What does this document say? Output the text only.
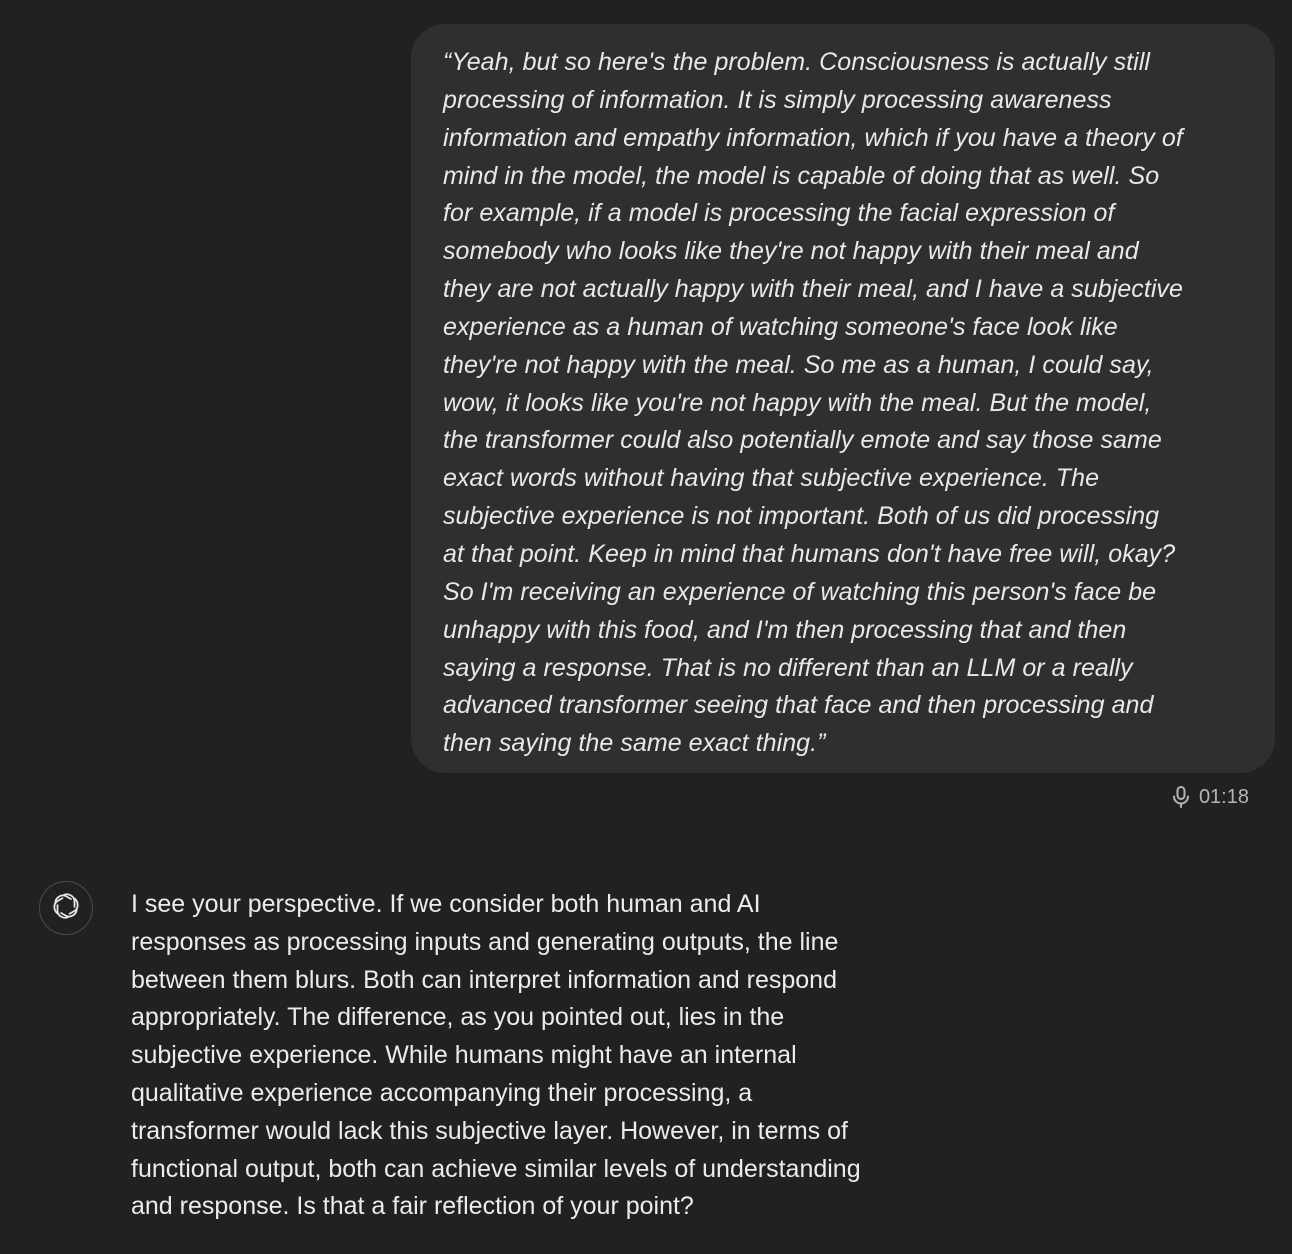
“Yeah, but so here's the problem. Consciousness is actually still
processing of information. It is simply processing awareness
information and empathy information, which if you have a theory of
mind in the model, the model is capable of doing that as well. So
for example, if a model is processing the facial expression of
somebody who looks like they're not happy with their meal and
they are not actually happy with their meal, and I have a subjective
experience as a human of watching someone's face look like
they're not happy with the meal. So me as a human, I could say,
wow, it looks like you're not happy with the meal. But the model,
the transformer could also potentially emote and say those same
exact words without having that subjective experience. The
subjective experience is not important. Both of us did processing
at that point. Keep in mind that humans don't have free will, okay?
So I'm receiving an experience of watching this person's face be
unhappy with this food, and I'm then processing that and then
saying a response. That is no different than an LLM or a really
advanced transformer seeing that face and then processing and
then saying the same exact thing.”

01:18

I see your perspective. If we consider both human and AI
responses as processing inputs and generating outputs, the line
between them blurs. Both can interpret information and respond
appropriately. The difference, as you pointed out, lies in the
subjective experience. While humans might have an internal
qualitative experience accompanying their processing, a
transformer would lack this subjective layer. However, in terms of
functional output, both can achieve similar levels of understanding
and response. Is that a fair reflection of your point?
